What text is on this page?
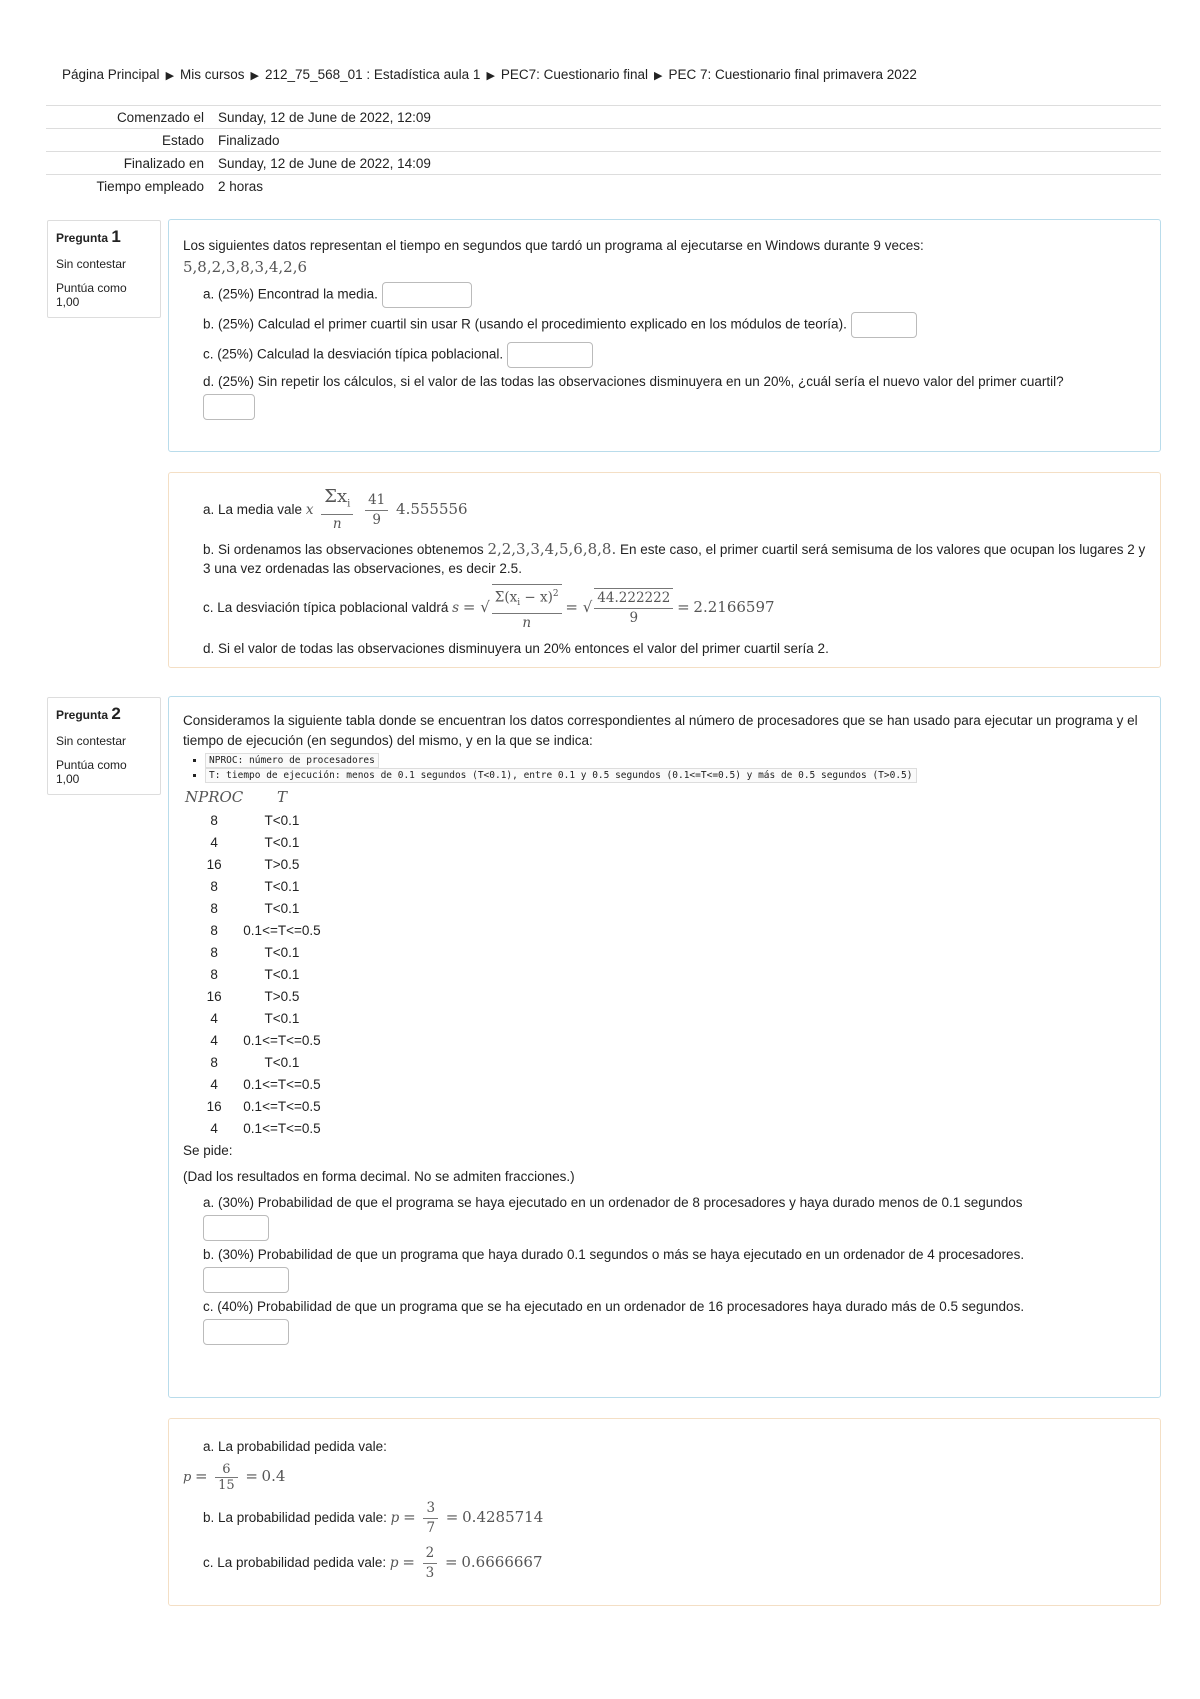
Página Principal ▶ Mis cursos ▶ 212_75_568_01 : Estadística aula 1 ▶ PEC7: Cuestionario final ▶ PEC 7: Cuestionario final primavera 2022
Comenzado el	Sunday, 12 de June de 2022, 12:09
Estado	Finalizado
Finalizado en	Sunday, 12 de June de 2022, 14:09
Tiempo empleado	2 horas
Pregunta 1
Sin contestar
Puntúa como 1,00
Los siguientes datos representan el tiempo en segundos que tardó un programa al ejecutarse en Windows durante 9 veces:
5,8,2,3,8,3,4,2,6
a. (25%) Encontrad la media.
b. (25%) Calculad el primer cuartil sin usar R (usando el procedimiento explicado en los módulos de teoría).
c. (25%) Calculad la desviación típica poblacional.
d. (25%) Sin repetir los cálculos, si el valor de las todas las observaciones disminuyera en un 20%, ¿cuál sería el nuevo valor del primer cuartil?

a. La media vale x $\frac{\Sigma x_i}{n}$
$\frac{41}{9} 4.555556$
b. Si ordenamos las observaciones obtenemos 2,2,3,3,4,5,6,8,8. En este caso, el primer cuartil será semisuma de los valores que ocupan los lugares 2 y 3 una vez ordenadas las observaciones, es decir 2.5.
c. La desviación típica poblacional valdrá s = √ $\frac{\Sigma(x_i - x)^2}{n}$ = √ $\frac{44.222222}{9} = 2.2166597$
d. Si el valor de todas las observaciones disminuyera un 20% entonces el valor del primer cuartil sería 2.
Pregunta 2
Sin contestar
Puntúa como 1,00
Consideramos la siguiente tabla donde se encuentran los datos correspondientes al número de procesadores que se han usado para ejecutar un programa y el tiempo de ejecución (en segundos) del mismo, y en la que se indica:
▪ NPROC: número de procesadores
▪ T: tiempo de ejecución: menos de 0.1 segundos (T<0.1), entre 0.1 y 0.5 segundos (0.1<=T<=0.5) y más de 0.5 segundos (T>0.5)
NPROC	T
8	T<0.1
4	T<0.1
16	T>0.5
8	T<0.1
8	T<0.1
8	0.1<=T<=0.5
8	T<0.1
8	T<0.1
16	T>0.5
4	T<0.1
4	0.1<=T<=0.5
8	T<0.1
4	0.1<=T<=0.5
16	0.1<=T<=0.5
4	0.1<=T<=0.5
Se pide:
(Dad los resultados en forma decimal. No se admiten fracciones.)
a. (30%) Probabilidad de que el programa se haya ejecutado en un ordenador de 8 procesadores y haya durado menos de 0.1 segundos

b. (30%) Probabilidad de que un programa que haya durado 0.1 segundos o más se haya ejecutado en un ordenador de 4 procesadores.

c. (40%) Probabilidad de que un programa que se ha ejecutado en un ordenador de 16 procesadores haya durado más de 0.5 segundos.

a. La probabilidad pedida vale:
$p = \frac{6}{15} = 0.4$
b. La probabilidad pedida vale: $p = \frac{3}{7} = 0.4285714$
c. La probabilidad pedida vale: $p = \frac{2}{3} = 0.6666667$
